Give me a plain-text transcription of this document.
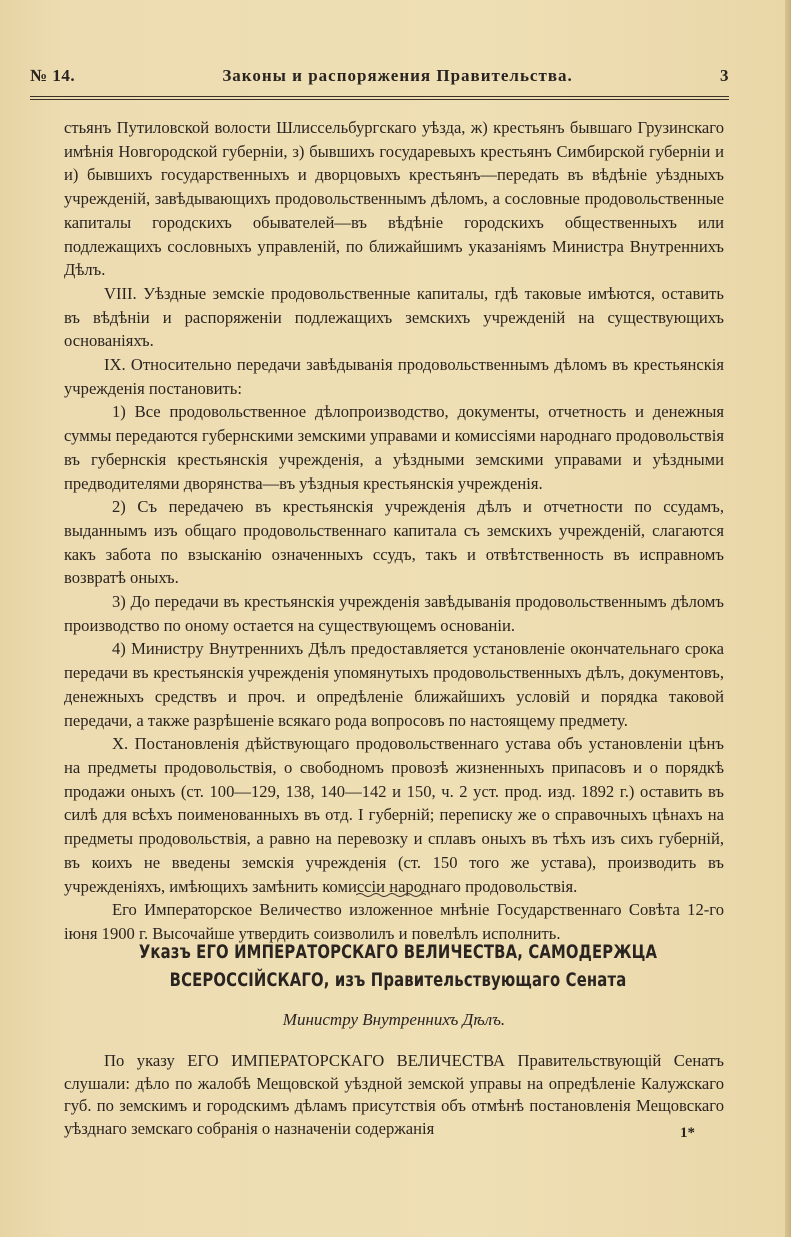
№ 14.	Законы и распоряжения Правительства.	3

стьянъ Путиловской волости Шлиссельбургскаго уѣзда, ж) крестьянъ бывшаго Грузинскаго имѣнія Новгородской губерніи, з) бывшихъ государевыхъ крестьянъ Симбирской губерніи и и) бывшихъ государственныхъ и дворцовыхъ крестьянъ—передать въ вѣдѣніе уѣздныхъ учрежденій, завѣдывающихъ продовольственнымъ дѣломъ, а сословные продовольственные капиталы городскихъ обывателей—въ вѣдѣніе городскихъ общественныхъ или подлежащихъ сословныхъ управленій, по ближайшимъ указаніямъ Министра Внутреннихъ Дѣлъ.

VIII. Уѣздные земскіе продовольственные капиталы, гдѣ таковые имѣются, оставить въ вѣдѣніи и распоряженіи подлежащихъ земскихъ учрежденій на существующихъ основаніяхъ.

IX. Относительно передачи завѣдыванія продовольственнымъ дѣломъ въ крестьянскія учрежденія постановить:

1) Все продовольственное дѣлопроизводство, документы, отчетность и денежныя суммы передаются губернскими земскими управами и комиссіями народнаго продовольствія въ губернскія крестьянскія учрежденія, а уѣздными земскими управами и уѣздными предводителями дворянства—въ уѣздныя крестьянскія учрежденія.

2) Съ передачею въ крестьянскія учрежденія дѣлъ и отчетности по ссудамъ, выданнымъ изъ общаго продовольственнаго капитала съ земскихъ учрежденій, слагаются какъ забота по взысканію означенныхъ ссудъ, такъ и отвѣтственность въ исправномъ возвратѣ оныхъ.

3) До передачи въ крестьянскія учрежденія завѣдыванія продовольственнымъ дѣломъ производство по оному остается на существующемъ основаніи.

4) Министру Внутреннихъ Дѣлъ предоставляется установленіе окончательнаго срока передачи въ крестьянскія учрежденія упомянутыхъ продовольственныхъ дѣлъ, документовъ, денежныхъ средствъ и проч. и опредѣленіе ближайшихъ условій и порядка таковой передачи, а также разрѣшеніе всякаго рода вопросовъ по настоящему предмету.

X. Постановленія дѣйствующаго продовольственнаго устава объ установленіи цѣнъ на предметы продовольствія, о свободномъ провозѣ жизненныхъ припасовъ и о порядкѣ продажи оныхъ (ст. 100—129, 138, 140—142 и 150, ч. 2 уст. прод. изд. 1892 г.) оставить въ силѣ для всѣхъ поименованныхъ въ отд. I губерній; переписку же о справочныхъ цѣнахъ на предметы продовольствія, а равно на перевозку и сплавъ оныхъ въ тѣхъ изъ сихъ губерній, въ коихъ не введены земскія учрежденія (ст. 150 того же устава), производить въ учрежденіяхъ, имѣющихъ замѣнить комиссіи народнаго продовольствія.

Его Императорское Величество изложенное мнѣніе Государственнаго Совѣта 12-го іюня 1900 г. Высочайше утвердить соизволилъ и повелѣлъ исполнить.

Указъ ЕГО ИМПЕРАТОРСКАГО ВЕЛИЧЕСТВА, САМОДЕРЖЦА ВСЕРОССІЙСКАГО, изъ Правительствующаго Сената
Министру Внутреннихъ Дѣлъ.

По указу ЕГО ИМПЕРАТОРСКАГО ВЕЛИЧЕСТВА Правительствующій Сенатъ слушали: дѣло по жалобѣ Мещовской уѣздной земской управы на опредѣленіе Калужскаго губ. по земскимъ и городскимъ дѣламъ присутствія объ отмѣнѣ постановленія Мещовскаго уѣзднаго земскаго собранія о назначеніи содержанія	1*
